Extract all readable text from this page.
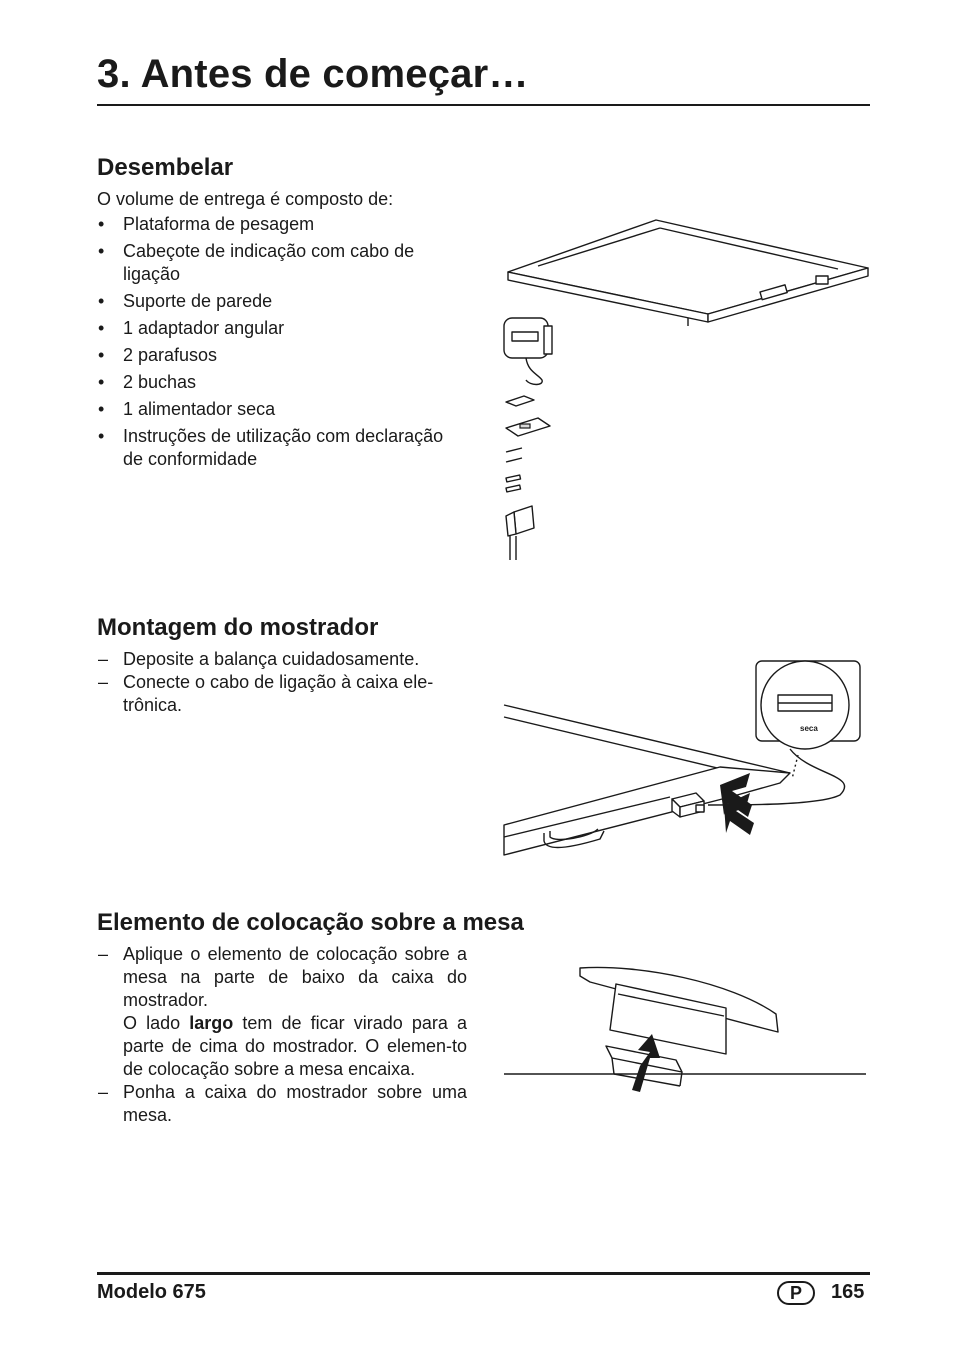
3. Antes de começar…
Desembelar
O volume de entrega é composto de:
• Plataforma de pesagem
• Cabeçote de indicação com cabo de ligação
• Suporte de parede
• 1 adaptador angular
• 2 parafusos
• 2 buchas
• 1 alimentador seca
• Instruções de utilização com declaração de conformidade
Montagem do mostrador
– Deposite a balança cuidadosamente.
– Conecte o cabo de ligação à caixa ele-trônica.
seca
Elemento de colocação sobre a mesa
– Aplique o elemento de colocação sobre a mesa na parte de baixo da caixa do mostrador.
O lado largo tem de ficar virado para a parte de cima do mostrador. O elemen-to de colocação sobre a mesa encaixa.
– Ponha a caixa do mostrador sobre uma mesa.
Modelo 675	P	165
